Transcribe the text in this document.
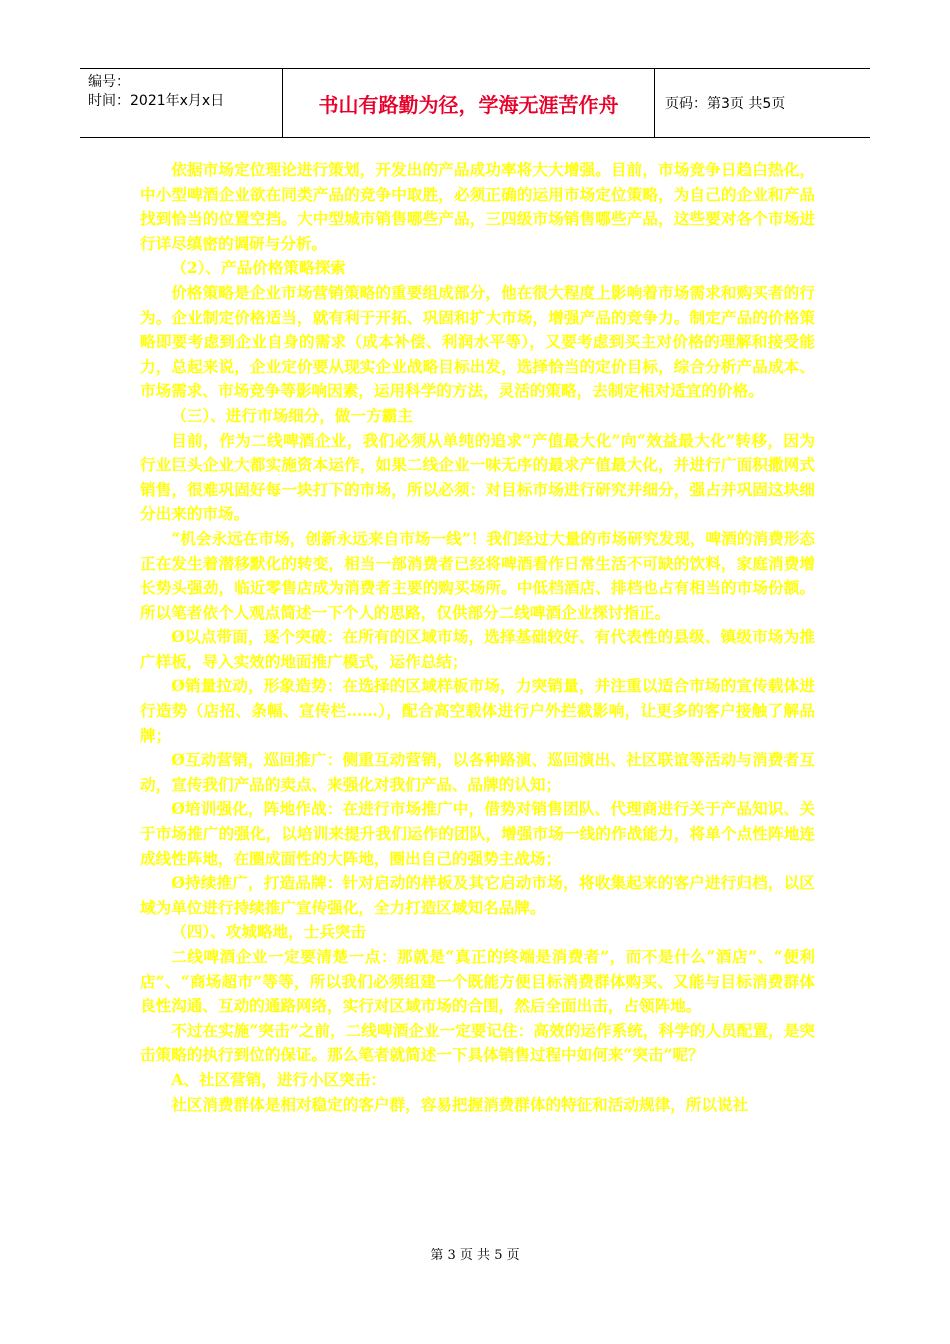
编号：
时间：2021年x月x日	书山有路勤为径，学海无涯苦作舟	页码：第3页 共5页

依据市场定位理论进行策划，开发出的产品成功率将大大增强。目前，市场竞争日趋白热化，中小型啤酒企业欲在同类产品的竞争中取胜，必须正确的运用市场定位策略，为自己的企业和产品找到恰当的位置空挡。大中型城市销售哪些产品，三四级市场销售哪些产品，这些要对各个市场进行详尽缜密的调研与分析。

（2）、产品价格策略探索

价格策略是企业市场营销策略的重要组成部分，他在很大程度上影响着市场需求和购买者的行为。企业制定价格适当，就有利于开拓、巩固和扩大市场，增强产品的竞争力。制定产品的价格策略即要考虑到企业自身的需求（成本补偿、利润水平等），又要考虑到买主对价格的理解和接受能力，总起来说，企业定价要从现实企业战略目标出发，选择恰当的定价目标，综合分析产品成本、市场需求、市场竞争等影响因素，运用科学的方法，灵活的策略，去制定相对适宜的价格。

（三）、进行市场细分，做一方霸主

目前，作为二线啤酒企业，我们必须从单纯的追求“产值最大化”向“效益最大化”转移，因为行业巨头企业大都实施资本运作，如果二线企业一味无序的最求产值最大化，并进行广面积撒网式销售，很难巩固好每一块打下的市场，所以必须：对目标市场进行研究并细分，强占并巩固这块细分出来的市场。

“机会永远在市场，创新永远来自市场一线”！我们经过大量的市场研究发现，啤酒的消费形态正在发生着潜移默化的转变，相当一部消费者已经将啤酒看作日常生活不可缺的饮料，家庭消费增长势头强劲，临近零售店成为消费者主要的购买场所。中低档酒店、排档也占有相当的市场份额。所以笔者依个人观点简述一下个人的思路，仅供部分二线啤酒企业探讨指正。

Ø以点带面，逐个突破：在所有的区域市场，选择基础较好、有代表性的县级、镇级市场为推广样板，导入实效的地面推广模式，运作总结；

Ø销量拉动，形象造势：在选择的区域样板市场，力突销量，并注重以适合市场的宣传载体进行造势（店招、条幅、宣传栏……），配合高空载体进行户外拦截影响，让更多的客户接触了解品牌；

Ø互动营销，巡回推广：侧重互动营销，以各种路演、巡回演出、社区联谊等活动与消费者互动，宣传我们产品的卖点、来强化对我们产品、品牌的认知；

Ø培训强化，阵地作战：在进行市场推广中，借势对销售团队、代理商进行关于产品知识、关于市场推广的强化，以培训来提升我们运作的团队，增强市场一线的作战能力，将单个点性阵地连成线性阵地，在圈成面性的大阵地，圈出自己的强势主战场；

Ø持续推广，打造品牌：针对启动的样板及其它启动市场，将收集起来的客户进行归档，以区域为单位进行持续推广宣传强化，全力打造区域知名品牌。

（四）、攻城略地，士兵突击

二线啤酒企业一定要清楚一点：那就是“真正的终端是消费者”，而不是什么“酒店”、“便利店”、“商场超市”等等，所以我们必须组建一个既能方便目标消费群体购买、又能与目标消费群体良性沟通、互动的通路网络，实行对区域市场的合围，然后全面出击，占领阵地。

不过在实施“突击”之前，二线啤酒企业一定要记住：高效的运作系统，科学的人员配置，是突击策略的执行到位的保证。那么笔者就简述一下具体销售过程中如何来“突击”呢？

A、社区营销，进行小区突击：

社区消费群体是相对稳定的客户群，容易把握消费群体的特征和活动规律，所以说社

第 3 页 共 5 页
